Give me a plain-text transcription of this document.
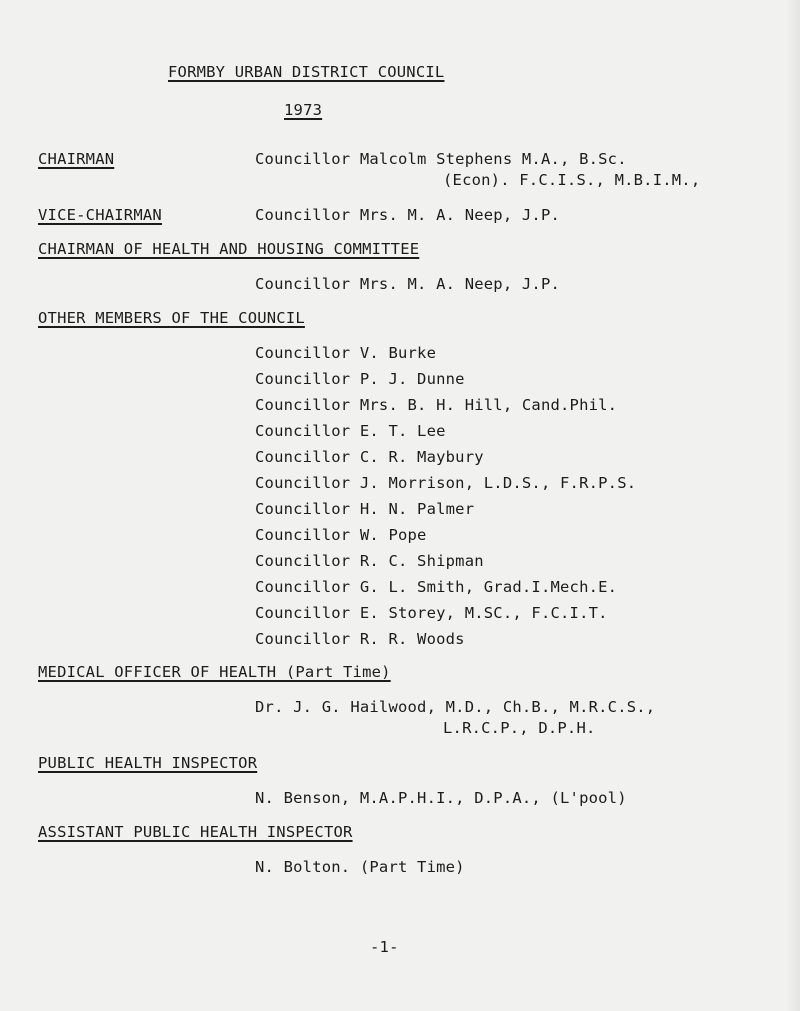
FORMBY URBAN DISTRICT COUNCIL
1973
CHAIRMAN	Councillor Malcolm Stephens M.A., B.Sc.
(Econ). F.C.I.S., M.B.I.M.,
VICE-CHAIRMAN	Councillor Mrs. M. A. Neep, J.P.
CHAIRMAN OF HEALTH AND HOUSING COMMITTEE
Councillor Mrs. M. A. Neep, J.P.
OTHER MEMBERS OF THE COUNCIL
Councillor V. Burke
Councillor P. J. Dunne
Councillor Mrs. B. H. Hill, Cand.Phil.
Councillor E. T. Lee
Councillor C. R. Maybury
Councillor J. Morrison, L.D.S., F.R.P.S.
Councillor H. N. Palmer
Councillor W. Pope
Councillor R. C. Shipman
Councillor G. L. Smith, Grad.I.Mech.E.
Councillor E. Storey, M.SC., F.C.I.T.
Councillor R. R. Woods
MEDICAL OFFICER OF HEALTH (Part Time)
Dr. J. G. Hailwood, M.D., Ch.B., M.R.C.S.,
L.R.C.P., D.P.H.
PUBLIC HEALTH INSPECTOR
N. Benson, M.A.P.H.I., D.P.A., (L'pool)
ASSISTANT PUBLIC HEALTH INSPECTOR
N. Bolton. (Part Time)
-1-
